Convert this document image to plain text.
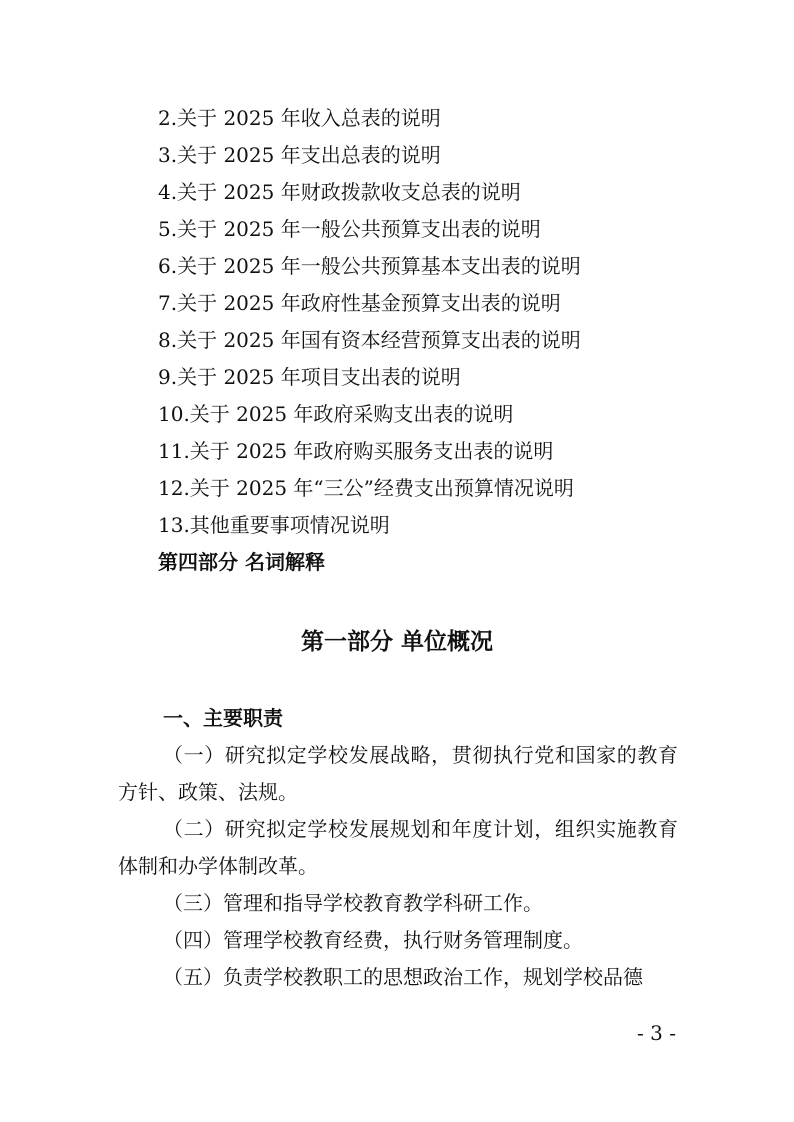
2.关于 2025 年收入总表的说明
3.关于 2025 年支出总表的说明
4.关于 2025 年财政拨款收支总表的说明
5.关于 2025 年一般公共预算支出表的说明
6.关于 2025 年一般公共预算基本支出表的说明
7.关于 2025 年政府性基金预算支出表的说明
8.关于 2025 年国有资本经营预算支出表的说明
9.关于 2025 年项目支出表的说明
10.关于 2025 年政府采购支出表的说明
11.关于 2025 年政府购买服务支出表的说明
12.关于 2025 年“三公”经费支出预算情况说明
13.其他重要事项情况说明
第四部分 名词解释
第一部分 单位概况
一、主要职责

（一）研究拟定学校发展战略，贯彻执行党和国家的教育方针、政策、法规。

（二）研究拟定学校发展规划和年度计划，组织实施教育体制和办学体制改革。

（三）管理和指导学校教育教学科研工作。

（四）管理学校教育经费，执行财务管理制度。

（五）负责学校教职工的思想政治工作，规划学校品德

- 3 -
